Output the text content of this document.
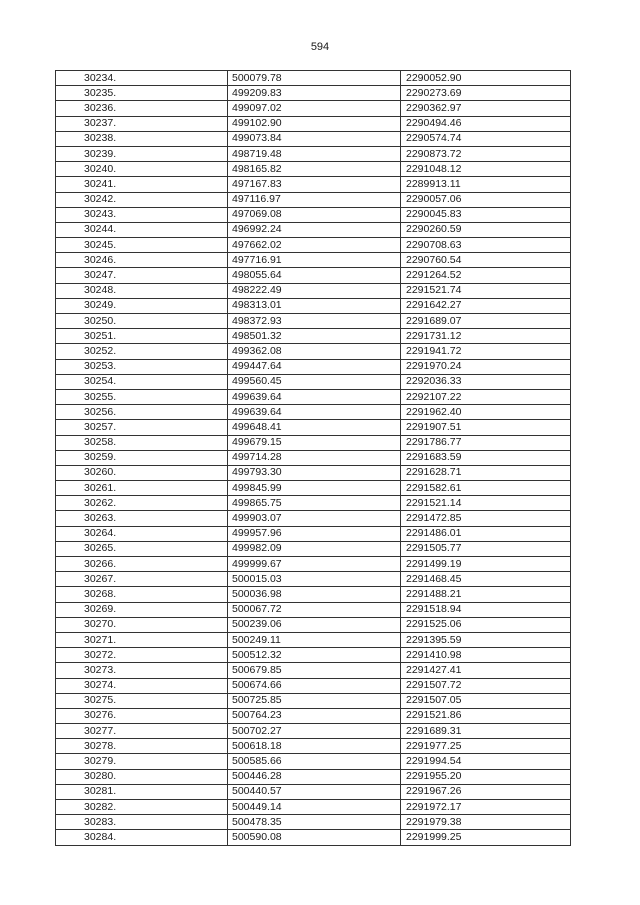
594
30234.	500079.78	2290052.90
30235.	499209.83	2290273.69
30236.	499097.02	2290362.97
30237.	499102.90	2290494.46
30238.	499073.84	2290574.74
30239.	498719.48	2290873.72
30240.	498165.82	2291048.12
30241.	497167.83	2289913.11
30242.	497116.97	2290057.06
30243.	497069.08	2290045.83
30244.	496992.24	2290260.59
30245.	497662.02	2290708.63
30246.	497716.91	2290760.54
30247.	498055.64	2291264.52
30248.	498222.49	2291521.74
30249.	498313.01	2291642.27
30250.	498372.93	2291689.07
30251.	498501.32	2291731.12
30252.	499362.08	2291941.72
30253.	499447.64	2291970.24
30254.	499560.45	2292036.33
30255.	499639.64	2292107.22
30256.	499639.64	2291962.40
30257.	499648.41	2291907.51
30258.	499679.15	2291786.77
30259.	499714.28	2291683.59
30260.	499793.30	2291628.71
30261.	499845.99	2291582.61
30262.	499865.75	2291521.14
30263.	499903.07	2291472.85
30264.	499957.96	2291486.01
30265.	499982.09	2291505.77
30266.	499999.67	2291499.19
30267.	500015.03	2291468.45
30268.	500036.98	2291488.21
30269.	500067.72	2291518.94
30270.	500239.06	2291525.06
30271.	500249.11	2291395.59
30272.	500512.32	2291410.98
30273.	500679.85	2291427.41
30274.	500674.66	2291507.72
30275.	500725.85	2291507.05
30276.	500764.23	2291521.86
30277.	500702.27	2291689.31
30278.	500618.18	2291977.25
30279.	500585.66	2291994.54
30280.	500446.28	2291955.20
30281.	500440.57	2291967.26
30282.	500449.14	2291972.17
30283.	500478.35	2291979.38
30284.	500590.08	2291999.25
